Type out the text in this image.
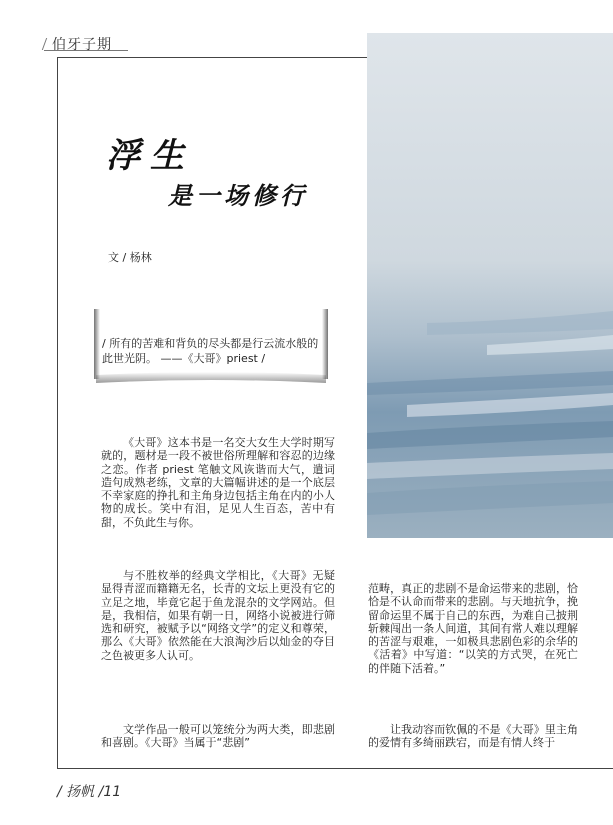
伯牙子期
浮生
是一场修行
文 / 杨林
/ 所有的苦难和背负的尽头都是行云流水般的此世光阴。 ——《大哥》priest /

《大哥》这本书是一名交大女生大学时期写就的，题材是一段不被世俗所理解和容忍的边缘之恋。作者 priest 笔触文风诙谐而大气，遣词造句成熟老练，文章的大篇幅讲述的是一个底层不幸家庭的挣扎和主角身边包括主角在内的小人物的成长。笑中有泪，足见人生百态，苦中有甜，不负此生与你。

与不胜枚举的经典文学相比，《大哥》无疑显得青涩而籍籍无名，长青的文坛上更没有它的立足之地，毕竟它起于鱼龙混杂的文学网站。但是，我相信，如果有朝一日，网络小说被进行筛选和研究，被赋予以“网络文学”的定义和尊荣，那么《大哥》依然能在大浪淘沙后以灿金的夺目之色被更多人认可。

文学作品一般可以笼统分为两大类，即悲剧和喜剧。《大哥》当属于“悲剧”

范畴，真正的悲剧不是命运带来的悲剧，恰恰是不认命而带来的悲剧。与天地抗争，挽留命运里不属于自己的东西，为难自己披荆斩棘闯出一条人间道，其间有常人难以理解的苦涩与艰难，一如极具悲剧色彩的余华的《活着》中写道：“以笑的方式哭，在死亡的伴随下活着。”

让我动容而钦佩的不是《大哥》里主角的爱情有多绮丽跌宕，而是有情人终于

/ 扬帆 /11
